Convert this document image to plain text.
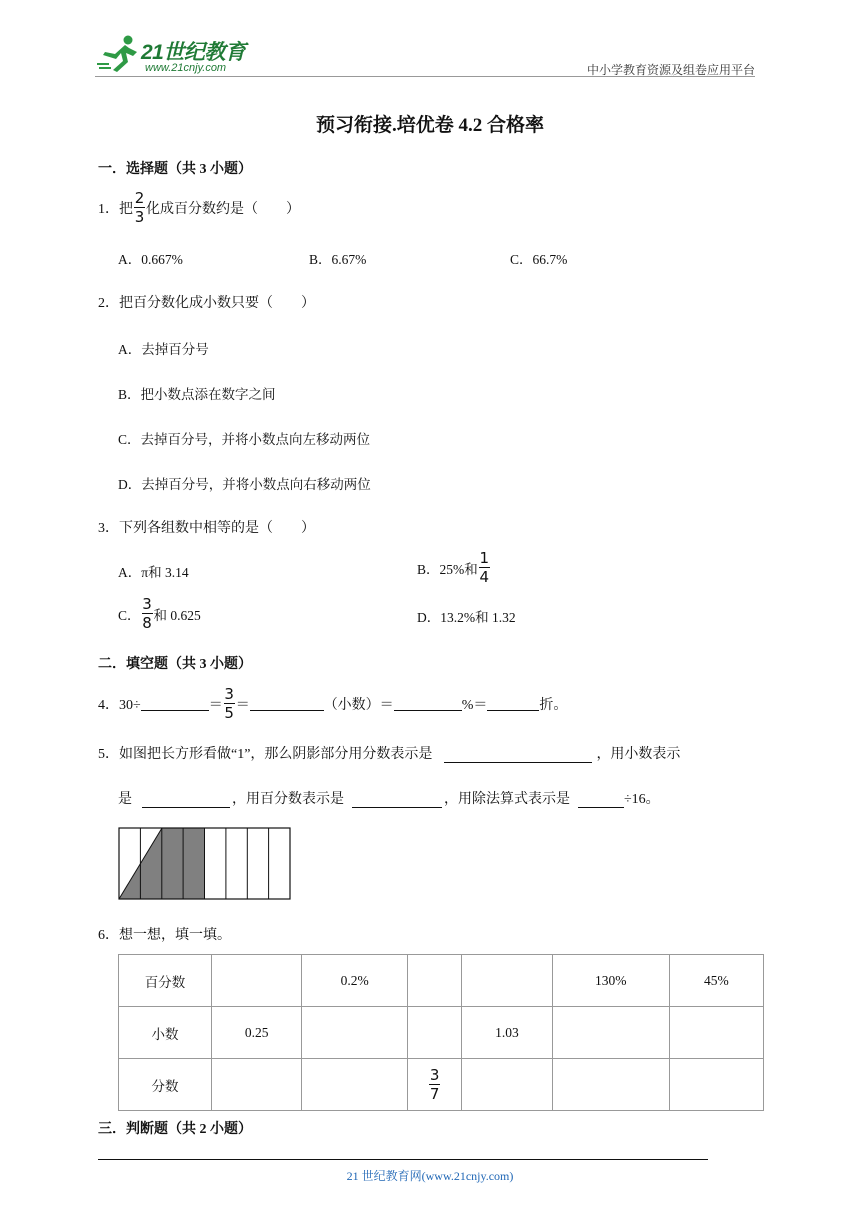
21世纪教育
www.21cnjy.com	中小学教育资源及组卷应用平台
预习衔接.培优卷 4.2 合格率
一．选择题（共 3 小题）
1．把 $\frac{2}{3}$ 化成百分数约是（　　）
A．0.667%	B．6.67%	C．66.7%
2．把百分数化成小数只要（　　）
A．去掉百分号
B．把小数点添在数字之间
C．去掉百分号，并将小数点向左移动两位
D．去掉百分号，并将小数点向右移动两位
3．下列各组数中相等的是（　　）
A．π和 3.14	B．25%和 $\frac{1}{4}$
C． $\frac{3}{8}$ 和 0.625	D．13.2%和 1.32
二．填空题（共 3 小题）
4．30÷	＝ $\frac{3}{5}$ ＝	（小数）＝	%＝	折。
5．如图把长方形看做“1”，那么阴影部分用分数表示是	，用小数表示
是	，用百分数表示是	，用除法算式表示是	÷16。
6．想一想，填一填。
百分数		0.2%			130%	45%
小数	0.25			1.03		
分数			$\frac{3}{7}$

三．判断题（共 2 小题）
21 世纪教育网(www.21cnjy.com)
